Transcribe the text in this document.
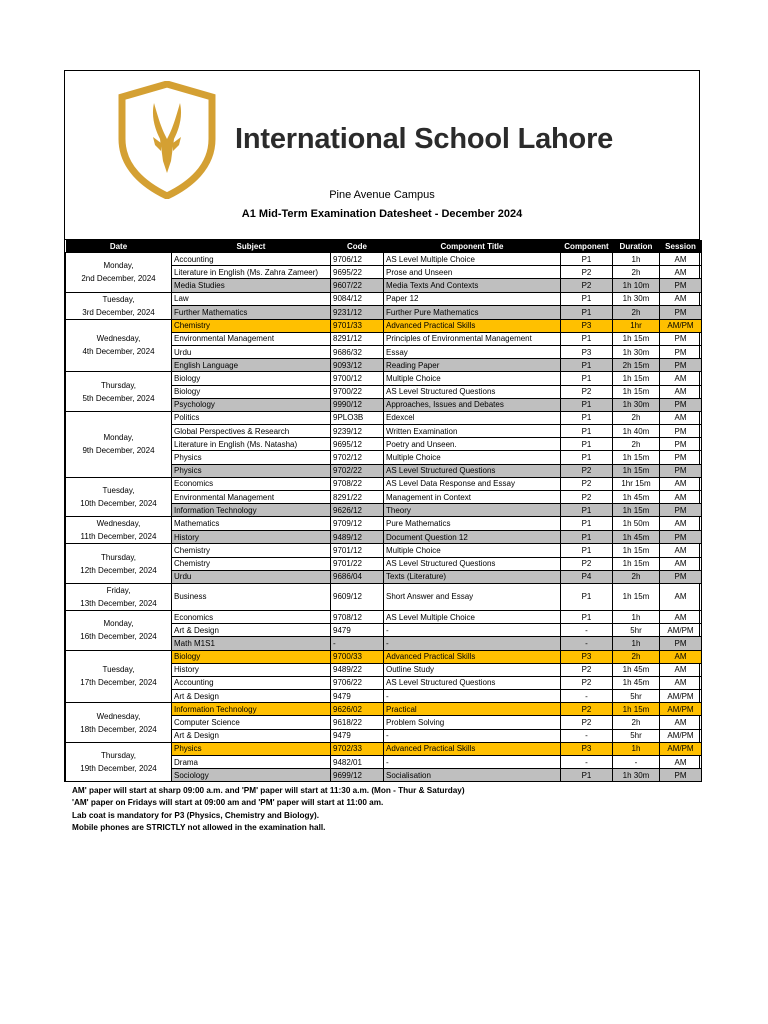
International School Lahore
Pine Avenue Campus
A1 Mid-Term Examination Datesheet - December 2024
Date	Subject	Code	Component Title	Component	Duration	Session

Monday,
2nd December, 2024	Accounting	9706/12	AS Level Multiple Choice	P1	1h	AM
	Literature in English (Ms. Zahra Zameer)	9695/22	Prose and Unseen	P2	2h	AM
	Media Studies	9607/22	Media Texts And Contexts	P2	1h 10m	PM

Tuesday,
3rd December, 2024	Law	9084/12	Paper 12	P1	1h 30m	AM
	Further Mathematics	9231/12	Further Pure Mathematics	P1	2h	PM

Wednesday,
4th December, 2024	Chemistry	9701/33	Advanced Practical Skills	P3	1hr	AM/PM
	Environmental Management	8291/12	Principles of Environmental Management	P1	1h 15m	PM
	Urdu	9686/32	Essay	P3	1h 30m	PM
	English Language	9093/12	Reading Paper	P1	2h 15m	PM

Thursday,
5th December, 2024	Biology	9700/12	Multiple Choice	P1	1h 15m	AM
	Biology	9700/22	AS Level Structured Questions	P2	1h 15m	AM
	Psychology	9990/12	Approaches, Issues and Debates	P1	1h 30m	PM

Monday,
9th December, 2024	Politics	9PLO3B	Edexcel	P1	2h	AM
	Global Perspectives & Research	9239/12	Written Examination	P1	1h 40m	PM
	Literature in English (Ms. Natasha)	9695/12	Poetry and Unseen.	P1	2h	PM
	Physics	9702/12	Multiple Choice	P1	1h 15m	PM
	Physics	9702/22	AS Level Structured Questions	P2	1h 15m	PM

Tuesday,
10th December, 2024	Economics	9708/22	AS Level Data Response and Essay	P2	1hr 15m	AM
	Environmental Management	8291/22	Management in Context	P2	1h 45m	AM
	Information Technology	9626/12	Theory	P1	1h 15m	PM

Wednesday,
11th December, 2024	Mathematics	9709/12	Pure Mathematics	P1	1h 50m	AM
	History	9489/12	Document Question 12	P1	1h 45m	PM

Thursday,
12th December, 2024	Chemistry	9701/12	Multiple Choice	P1	1h 15m	AM
	Chemistry	9701/22	AS Level Structured Questions	P2	1h 15m	AM
	Urdu	9686/04	Texts (Literature)	P4	2h	PM

Friday,
13th December, 2024	Business	9609/12	Short Answer and Essay	P1	1h 15m	AM

Monday,
16th December, 2024	Economics	9708/12	AS Level Multiple Choice	P1	1h	AM
	Art & Design	9479	-	-	5hr	AM/PM
	Math M1S1	-	-	-	1h	PM

Tuesday,
17th December, 2024	Biology	9700/33	Advanced Practical Skills	P3	2h	AM
	History	9489/22	Outline Study	P2	1h 45m	AM
	Accounting	9706/22	AS Level Structured Questions	P2	1h 45m	AM
	Art & Design	9479	-	-	5hr	AM/PM

Wednesday,
18th December, 2024	Information Technology	9626/02	Practical	P2	1h 15m	AM/PM
	Computer Science	9618/22	Problem Solving	P2	2h	AM
	Art & Design	9479	-	-	5hr	AM/PM

Thursday,
19th December, 2024	Physics	9702/33	Advanced Practical Skills	P3	1h	AM/PM
	Drama	9482/01	-	-	-	AM
	Sociology	9699/12	Socialisation	P1	1h 30m	PM
AM' paper will start at sharp 09:00 a.m. and 'PM' paper will start at 11:30 a.m. (Mon - Thur & Saturday)
'AM' paper on Fridays will start at 09:00 am and 'PM' paper will start at 11:00 am.
Lab coat is mandatory for P3 (Physics, Chemistry and Biology).
Mobile phones are STRICTLY not allowed in the examination hall.
